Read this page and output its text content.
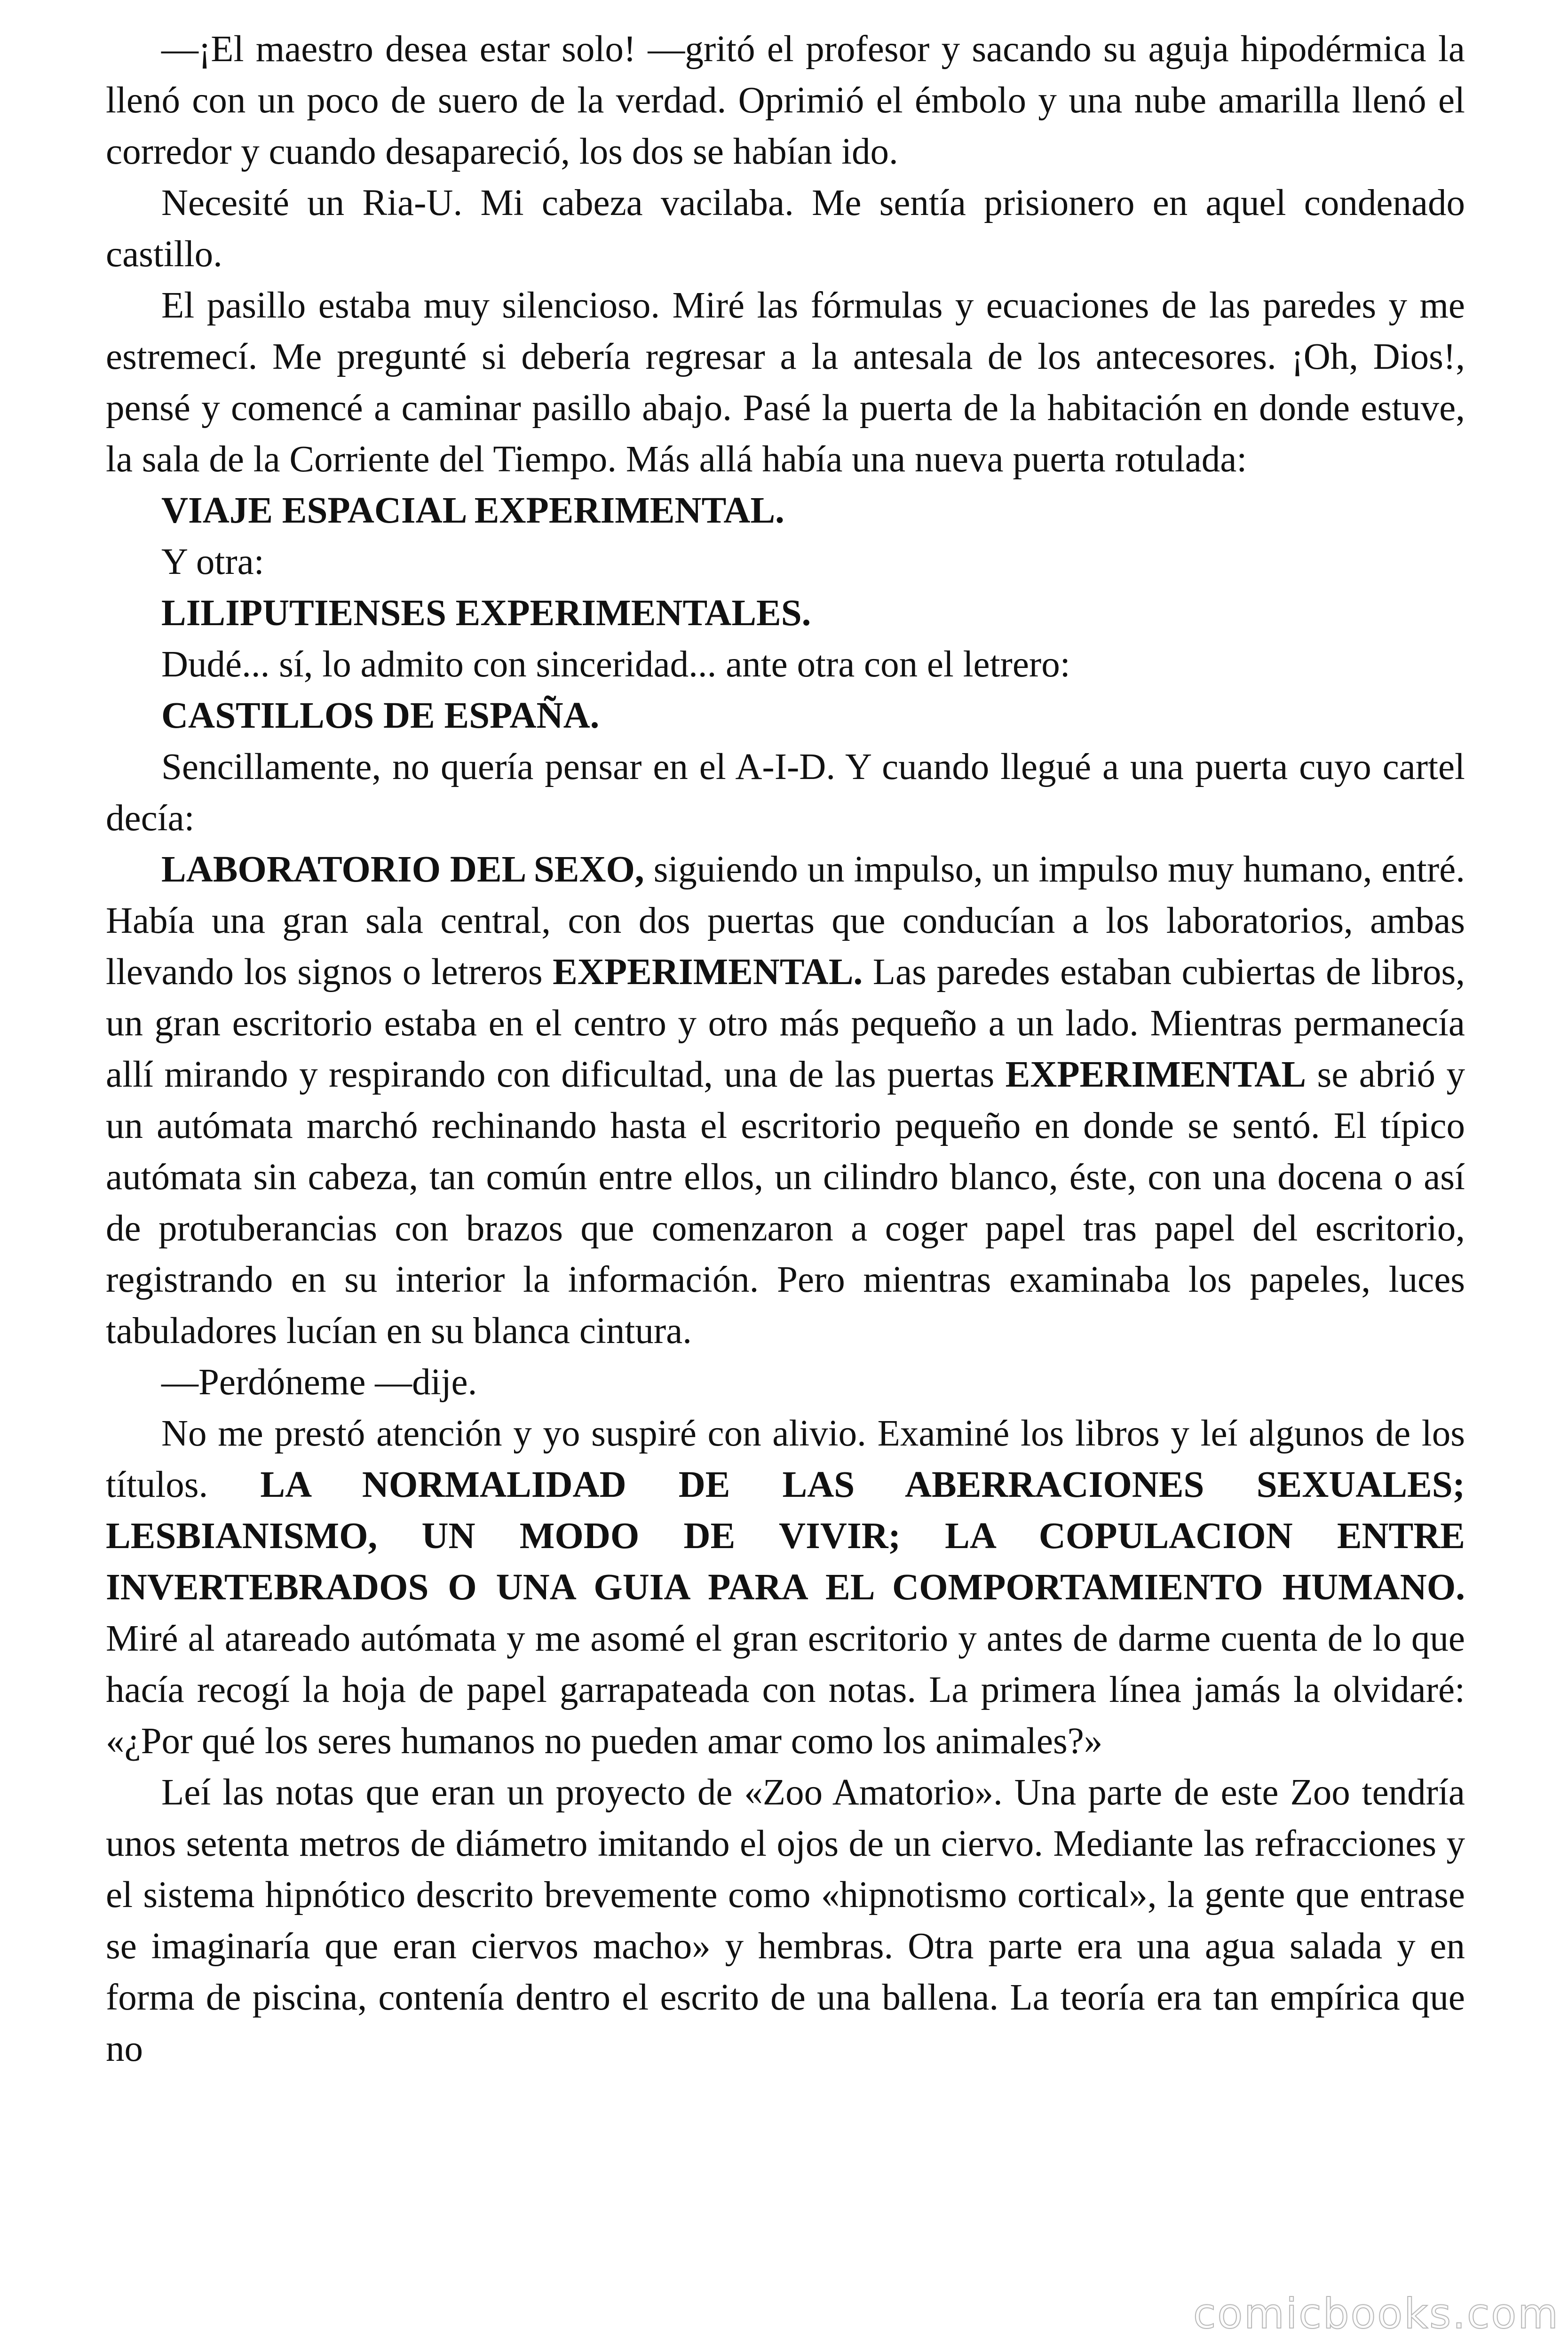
—¡El maestro desea estar solo! —gritó el profesor y sacando su aguja hipodérmica la llenó con un poco de suero de la verdad. Oprimió el émbolo y una nube amarilla llenó el corredor y cuando desapareció, los dos se habían ido.

Necesité un Ria-U. Mi cabeza vacilaba. Me sentía prisionero en aquel condenado castillo.

El pasillo estaba muy silencioso. Miré las fórmulas y ecuaciones de las paredes y me estremecí. Me pregunté si debería regresar a la antesala de los antecesores. ¡Oh, Dios!, pensé y comencé a caminar pasillo abajo. Pasé la puerta de la habitación en donde estuve, la sala de la Corriente del Tiempo. Más allá había una nueva puerta rotulada:

VIAJE ESPACIAL EXPERIMENTAL.

Y otra:

LILIPUTIENSES EXPERIMENTALES.

Dudé... sí, lo admito con sinceridad... ante otra con el letrero:

CASTILLOS DE ESPAÑA.

Sencillamente, no quería pensar en el A-I-D. Y cuando llegué a una puerta cuyo cartel decía:

LABORATORIO DEL SEXO, siguiendo un impulso, un impulso muy humano, entré. Había una gran sala central, con dos puertas que conducían a los laboratorios, ambas llevando los signos o letreros EXPERIMENTAL. Las paredes estaban cubiertas de libros, un gran escritorio estaba en el centro y otro más pequeño a un lado. Mientras permanecía allí mirando y respirando con dificultad, una de las puertas EXPERIMENTAL se abrió y un autómata marchó rechinando hasta el escritorio pequeño en donde se sentó. El típico autómata sin cabeza, tan común entre ellos, un cilindro blanco, éste, con una docena o así de protuberancias con brazos que comenzaron a coger papel tras papel del escritorio, registrando en su interior la información. Pero mientras examinaba los papeles, luces tabuladores lucían en su blanca cintura.

—Perdóneme —dije.

No me prestó atención y yo suspiré con alivio. Examiné los libros y leí algunos de los títulos. LA NORMALIDAD DE LAS ABERRACIONES SEXUALES; LESBIANISMO, UN MODO DE VIVIR; LA COPULACION ENTRE INVERTEBRADOS O UNA GUIA PARA EL COMPORTAMIENTO HUMANO. Miré al atareado autómata y me asomé el gran escritorio y antes de darme cuenta de lo que hacía recogí la hoja de papel garrapateada con notas. La primera línea jamás la olvidaré: «¿Por qué los seres humanos no pueden amar como los animales?»

Leí las notas que eran un proyecto de «Zoo Amatorio». Una parte de este Zoo tendría unos setenta metros de diámetro imitando el ojos de un ciervo. Mediante las refracciones y el sistema hipnótico descrito brevemente como «hipnotismo cortical», la gente que entrase se imaginaría que eran ciervos macho» y hembras. Otra parte era una agua salada y en forma de piscina, contenía dentro el escrito de una ballena. La teoría era tan empírica que no

comicbooks.com
